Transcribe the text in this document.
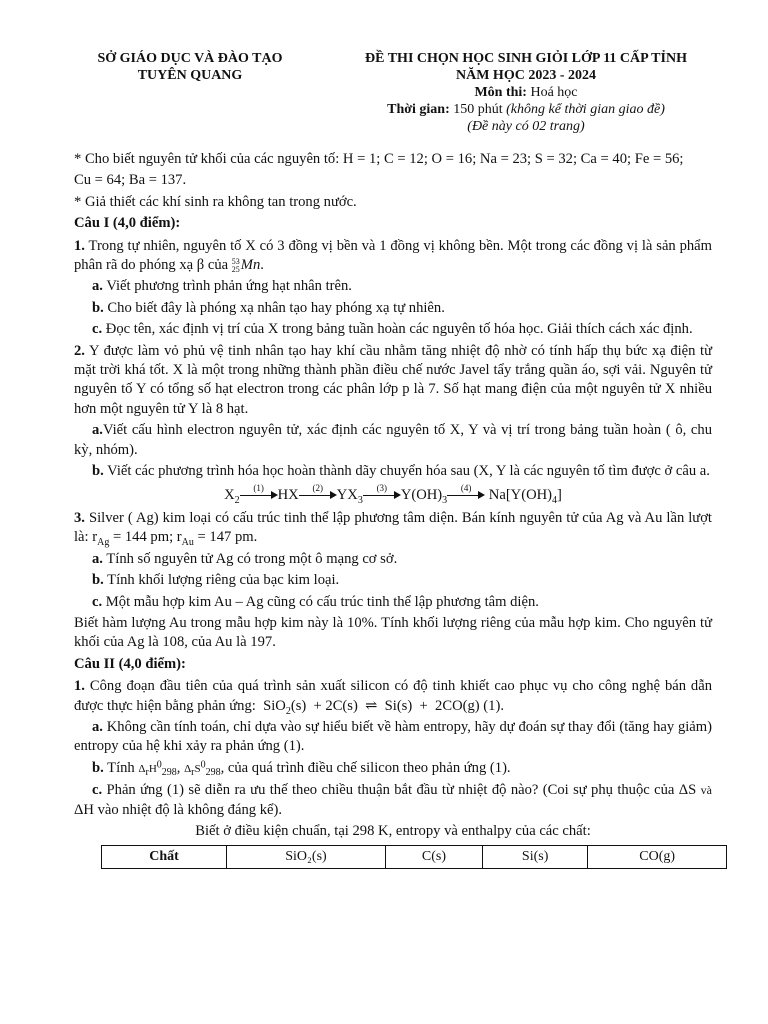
SỞ GIÁO DỤC VÀ ĐÀO TẠO
TUYÊN QUANG
ĐỀ THI CHỌN HỌC SINH GIỎI LỚP 11 CẤP TỈNH
NĂM HỌC 2023 - 2024
Môn thi: Hoá học
Thời gian: 150 phút (không kể thời gian giao đề)
(Đề này có 02 trang)

* Cho biết nguyên tử khối của các nguyên tố: H = 1; C = 12; O = 16; Na = 23; S = 32; Ca = 40; Fe = 56;

Cu = 64; Ba = 137.

* Giả thiết các khí sinh ra không tan trong nước.

Câu I (4,0 điểm):

1. Trong tự nhiên, nguyên tố X có 3 đồng vị bền và 1 đồng vị không bền. Một trong các đồng vị là sản phẩm phân rã do phóng xạ β của 53
25Mn.

a. Viết phương trình phản ứng hạt nhân trên.

b. Cho biết đây là phóng xạ nhân tạo hay phóng xạ tự nhiên.

c. Đọc tên, xác định vị trí của X trong bảng tuần hoàn các nguyên tố hóa học. Giải thích cách xác định.

2. Y được làm vỏ phủ vệ tinh nhân tạo hay khí cầu nhằm tăng nhiệt độ nhờ có tính hấp thụ bức xạ điện từ mặt trời khá tốt. X là một trong những thành phần điều chế nước Javel tẩy trắng quần áo, sợi vải. Nguyên tử nguyên tố Y có tổng số hạt electron trong các phân lớp p là 7. Số hạt mang điện của một nguyên tử X nhiều hơn một nguyên tử Y là 8 hạt.

a.Viết cấu hình electron nguyên tử, xác định các nguyên tố X, Y và vị trí trong bảng tuần hoàn ( ô, chu kỳ, nhóm).

b. Viết các phương trình hóa học hoàn thành dãy chuyển hóa sau (X, Y là các nguyên tố tìm được ở câu a.

$X_2$
(1) HX	(2) $YX_3$
(3) $Y(OH)_3$
(4) $Na[Y(OH)_4]$

3. Silver ( Ag) kim loại có cấu trúc tinh thể lập phương tâm diện. Bán kính nguyên tử của Ag và Au lần lượt là: $r_{Ag} = 144$ pm; $r_{Au} = 147$ pm.

a. Tính số nguyên tử Ag có trong một ô mạng cơ sở.

b. Tính khối lượng riêng của bạc kim loại.

c. Một mẫu hợp kim Au – Ag cũng có cấu trúc tinh thể lập phương tâm diện.

Biết hàm lượng Au trong mẫu hợp kim này là 10%. Tính khối lượng riêng của mẫu hợp kim. Cho nguyên tử khối của Ag là 108, của Au là 197.

Câu II (4,0 điểm):

1. Công đoạn đầu tiên của quá trình sản xuất silicon có độ tinh khiết cao phục vụ cho công nghệ bán dẫn được thực hiện bằng phản ứng:  SiO$_2$(s)  + 2C(s)  ⇌  Si(s)  +  2CO(g) (1).

a. Không cần tính toán, chỉ dựa vào sự hiểu biết về hàm entropy, hãy dự đoán sự thay đổi (tăng hay giảm) entropy của hệ khi xảy ra phản ứng (1).

b. Tính $\Delta_rH^0_{298}$, $\Delta_rS^0_{298}$, của quá trình điều chế silicon theo phản ứng (1).

c. Phản ứng (1) sẽ diễn ra ưu thế theo chiều thuận bắt đầu từ nhiệt độ nào? (Coi sự phụ thuộc của ΔS và ΔH vào nhiệt độ là không đáng kể).

Biết ở điều kiện chuẩn, tại 298 K, entropy và enthalpy của các chất:

Chất	SiO₂(s)	C(s)	Si(s)	CO(g)
